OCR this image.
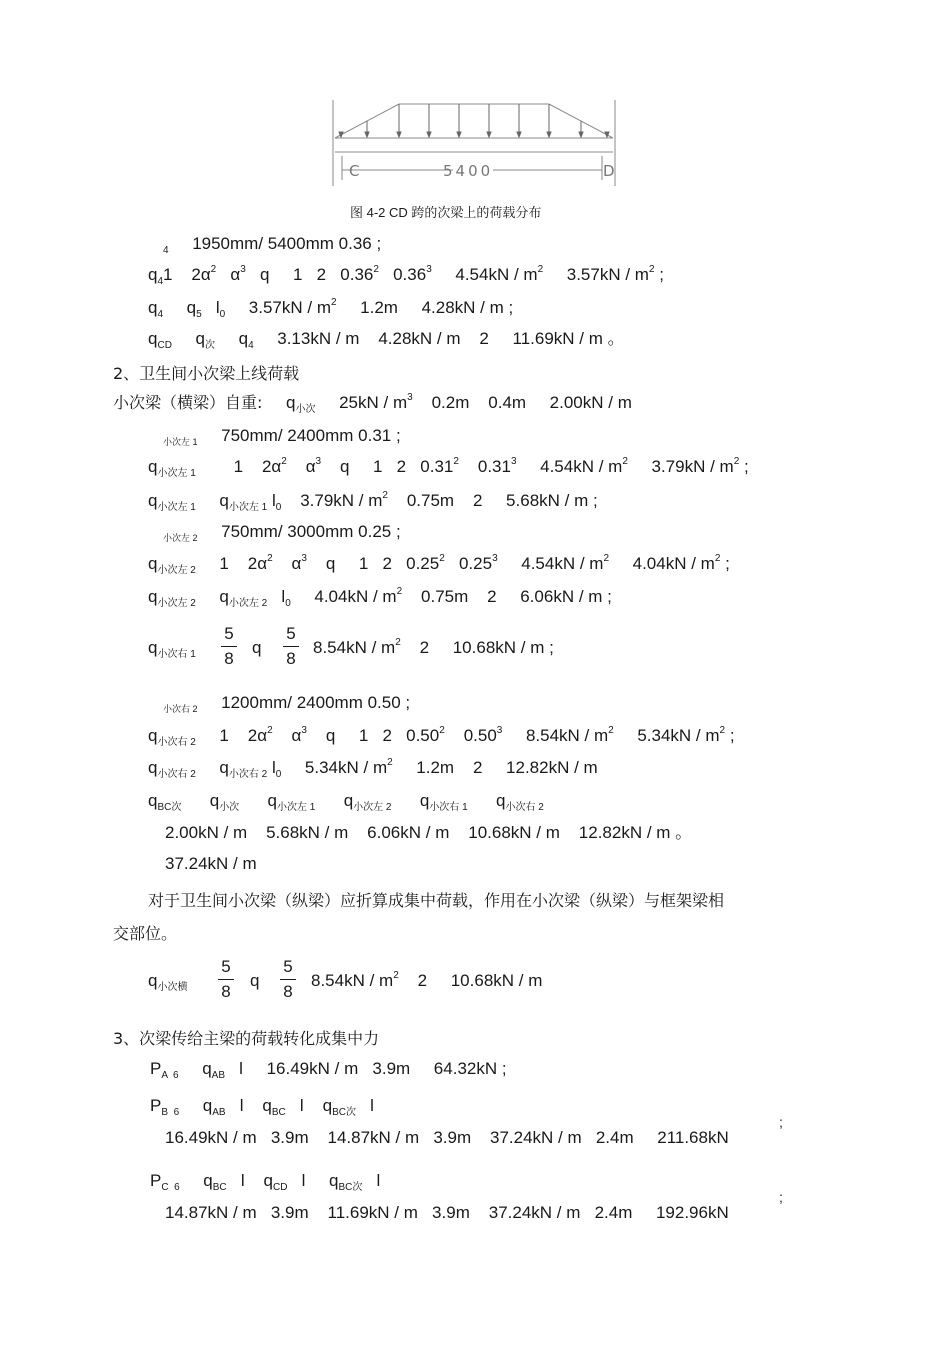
C	5400	D
图 4-2 CD 跨的次梁上的荷载分布
$_4$ 1950mm/ 5400mm 0.36 ;
$q_41$    $2\alpha^2$   $\alpha^3$   q     1   2   0.36$^2$   0.36$^3$     $4.54kN / m^2$     $3.57kN / m^2$ ;
$q_4$     $q_5$   $l_0$     $3.57kN / m^2$     1.2m     4.28kN / m ;
$q_{CD}$     $q_次$     $q_4$     3.13kN / m    4.28kN / m    2     11.69kN / m 。
2、卫生间小次梁上线荷载
小次梁（横梁）自重:     $q_{小次}$     $25kN / m^3$    0.2m    0.4m     2.00kN / m
$_{小次左 1}$ 750mm/ 2400mm 0.31 ;
$q_{小次左 1}$        1    $2\alpha^2$    $\alpha^3$    q     1   2   0.31$^2$    0.31$^3$     $4.54kN / m^2$     $3.79kN / m^2$ ;
$q_{小次左 1}$     $q_{小次左 1}$ $l_0$    $3.79kN / m^2$    0.75m    2     5.68kN / m ;
$_{小次左 2}$ 750mm/ 3000mm 0.25 ;
$q_{小次左 2}$     1    $2\alpha^2$    $\alpha^3$    q     1   2   0.25$^2$   0.25$^3$     $4.54kN / m^2$     $4.04kN / m^2$ ;
$q_{小次左 2}$     $q_{小次左 2}$   $l_0$     $4.04kN / m^2$    0.75m    2     6.06kN / m ;
$q_{小次右 1}$
5
8
q
5
8
$8.54kN / m^2$    2     10.68kN / m ;
$_{小次右 2}$ 1200mm/ 2400mm 0.50 ;
$q_{小次右 2}$     1    $2\alpha^2$    $\alpha^3$    q     1   2   0.50$^2$    0.50$^3$     $8.54kN / m^2$     $5.34kN / m^2$ ;
$q_{小次右 2}$     $q_{小次右 2}$ $l_0$     $5.34kN / m^2$     1.2m    2     12.82kN / m
$q_{BC次}$ $q_{小次}$ $q_{小次左 1}$ $q_{小次左 2}$ $q_{小次右 1}$ $q_{小次右 2}$
2.00kN / m    5.68kN / m    6.06kN / m    10.68kN / m    12.82kN / m 。
37.24kN / m
对于卫生间小次梁（纵梁）应折算成集中荷载，作用在小次梁（纵梁）与框架梁相
交部位。
$q_{小次横}$
5
8
q
5
8
$8.54kN / m^2$    2     10.68kN / m
3、次梁传给主梁的荷载转化成集中力
$P_{A 6}$     $q_{AB}$   l     16.49kN / m   3.9m     64.32kN ;
$P_{B 6}$     $q_{AB}$   l    $q_{BC}$   l    $q_{BC次}$   l
16.49kN / m   3.9m    14.87kN / m   3.9m    37.24kN / m   2.4m     211.68kN
;
$P_{C 6}$     $q_{BC}$   l    $q_{CD}$   l     $q_{BC次}$   l
14.87kN / m   3.9m    11.69kN / m   3.9m    37.24kN / m   2.4m     192.96kN
;
